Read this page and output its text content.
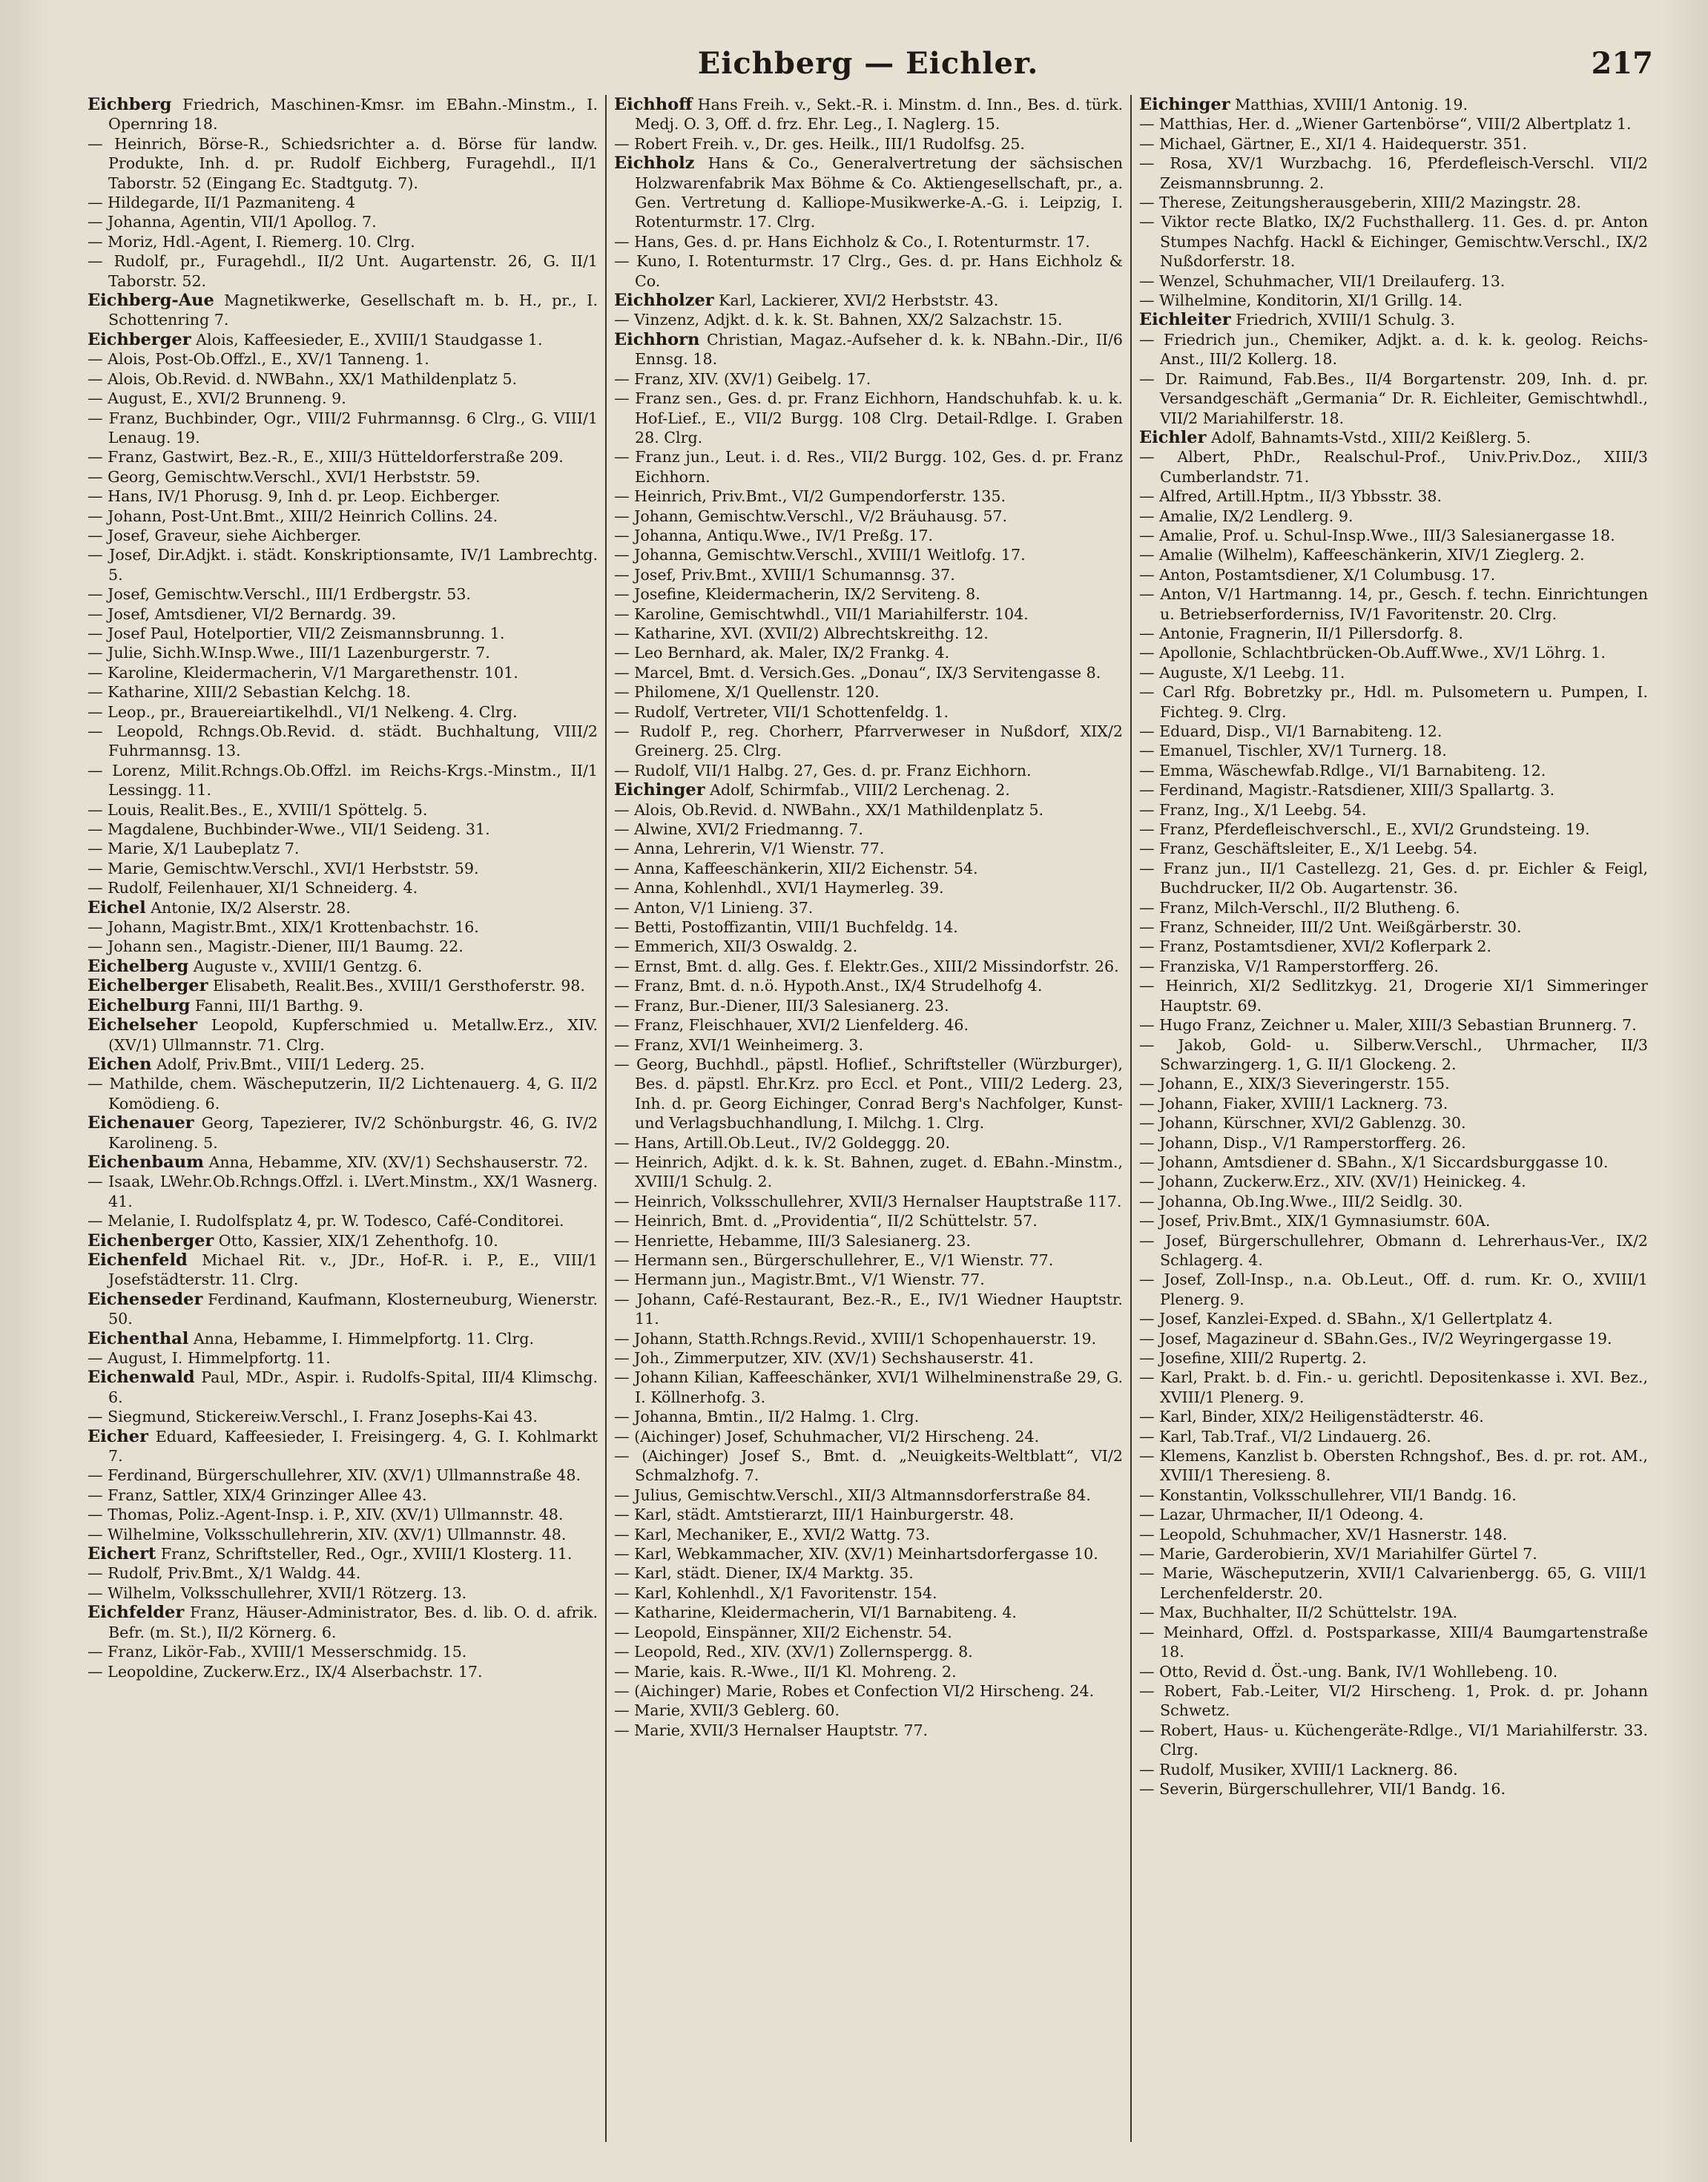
Eichberg — Eichler.	217
Eichberg Friedrich, Maschinen-Kmsr. im EBahn.-Minstm., I. Opernring 18.
— Heinrich, Börse-R., Schiedsrichter a. d. Börse für landw. Produkte, Inh. d. pr. Rudolf Eichberg, Furagehdl., II/1 Taborstr. 52 (Eingang Ec. Stadtgutg. 7).
— Hildegarde, II/1 Pazmaniteng. 4
— Johanna, Agentin, VII/1 Apollog. 7.
— Moriz, Hdl.-Agent, I. Riemerg. 10. Clrg.
— Rudolf, pr., Furagehdl., II/2 Unt. Augartenstr. 26, G. II/1 Taborstr. 52.
Eichberg-Aue Magnetikwerke, Gesellschaft m. b. H., pr., I. Schottenring 7.
Eichberger Alois, Kaffeesieder, E., XVIII/1 Staudgasse 1.
— Alois, Post-Ob.Offzl., E., XV/1 Tanneng. 1.
— Alois, Ob.Revid. d. NWBahn., XX/1 Mathildenplatz 5.
— August, E., XVI/2 Brunneng. 9.
— Franz, Buchbinder, Ogr., VIII/2 Fuhrmannsg. 6 Clrg., G. VIII/1 Lenaug. 19.
— Franz, Gastwirt, Bez.-R., E., XIII/3 Hütteldorferstraße 209.
— Georg, Gemischtw.Verschl., XVI/1 Herbststr. 59.
— Hans, IV/1 Phorusg. 9, Inh d. pr. Leop. Eichberger.
— Johann, Post-Unt.Bmt., XIII/2 Heinrich Collins. 24.
— Josef, Graveur, siehe Aichberger.
— Josef, Dir.Adjkt. i. städt. Konskriptionsamte, IV/1 Lambrechtg. 5.
— Josef, Gemischtw.Verschl., III/1 Erdbergstr. 53.
— Josef, Amtsdiener, VI/2 Bernardg. 39.
— Josef Paul, Hotelportier, VII/2 Zeismannsbrunng. 1.
— Julie, Sichh.W.Insp.Wwe., III/1 Lazenburgerstr. 7.
— Karoline, Kleidermacherin, V/1 Margarethenstr. 101.
— Katharine, XIII/2 Sebastian Kelchg. 18.
— Leop., pr., Brauereiartikelhdl., VI/1 Nelkeng. 4. Clrg.
— Leopold, Rchngs.Ob.Revid. d. städt. Buchhaltung, VIII/2 Fuhrmannsg. 13.
— Lorenz, Milit.Rchngs.Ob.Offzl. im Reichs-Krgs.-Minstm., II/1 Lessingg. 11.
— Louis, Realit.Bes., E., XVIII/1 Spöttelg. 5.
— Magdalene, Buchbinder-Wwe., VII/1 Seideng. 31.
— Marie, X/1 Laubeplatz 7.
— Marie, Gemischtw.Verschl., XVI/1 Herbststr. 59.
— Rudolf, Feilenhauer, XI/1 Schneiderg. 4.
Eichel Antonie, IX/2 Alserstr. 28.
— Johann, Magistr.Bmt., XIX/1 Krottenbachstr. 16.
— Johann sen., Magistr.-Diener, III/1 Baumg. 22.
Eichelberg Auguste v., XVIII/1 Gentzg. 6.
Eichelberger Elisabeth, Realit.Bes., XVIII/1 Gersthoferstr. 98.
Eichelburg Fanni, III/1 Barthg. 9.
Eichelseher Leopold, Kupferschmied u. Metallw.Erz., XIV. (XV/1) Ullmannstr. 71. Clrg.
Eichen Adolf, Priv.Bmt., VIII/1 Lederg. 25.
— Mathilde, chem. Wäscheputzerin, II/2 Lichtenauerg. 4, G. II/2 Komödieng. 6.
Eichenauer Georg, Tapezierer, IV/2 Schönburgstr. 46, G. IV/2 Karolineng. 5.
Eichenbaum Anna, Hebamme, XIV. (XV/1) Sechshauserstr. 72.
— Isaak, LWehr.Ob.Rchngs.Offzl. i. LVert.Minstm., XX/1 Wasnerg. 41.
— Melanie, I. Rudolfsplatz 4, pr. W. Todesco, Café-Conditorei.
Eichenberger Otto, Kassier, XIX/1 Zehenthofg. 10.
Eichenfeld Michael Rit. v., JDr., Hof-R. i. P., E., VIII/1 Josefstädterstr. 11. Clrg.
Eichenseder Ferdinand, Kaufmann, Klosterneuburg, Wienerstr. 50.
Eichenthal Anna, Hebamme, I. Himmelpfortg. 11. Clrg.
— August, I. Himmelpfortg. 11.
Eichenwald Paul, MDr., Aspir. i. Rudolfs-Spital, III/4 Klimschg. 6.
— Siegmund, Stickereiw.Verschl., I. Franz Josephs-Kai 43.
Eicher Eduard, Kaffeesieder, I. Freisingerg. 4, G. I. Kohlmarkt 7.
— Ferdinand, Bürgerschullehrer, XIV. (XV/1) Ullmannstraße 48.
— Franz, Sattler, XIX/4 Grinzinger Allee 43.
— Thomas, Poliz.-Agent-Insp. i. P., XIV. (XV/1) Ullmannstr. 48.
— Wilhelmine, Volksschullehrerin, XIV. (XV/1) Ullmannstr. 48.
Eichert Franz, Schriftsteller, Red., Ogr., XVIII/1 Klosterg. 11.
— Rudolf, Priv.Bmt., X/1 Waldg. 44.
— Wilhelm, Volksschullehrer, XVII/1 Rötzerg. 13.
Eichfelder Franz, Häuser-Administrator, Bes. d. lib. O. d. afrik. Befr. (m. St.), II/2 Körnerg. 6.
— Franz, Likör-Fab., XVIII/1 Messerschmidg. 15.
— Leopoldine, Zuckerw.Erz., IX/4 Alserbachstr. 17.
Eichhoff Hans Freih. v., Sekt.-R. i. Minstm. d. Inn., Bes. d. türk. Medj. O. 3, Off. d. frz. Ehr. Leg., I. Naglerg. 15.
— Robert Freih. v., Dr. ges. Heilk., III/1 Rudolfsg. 25.
Eichholz Hans & Co., Generalvertretung der sächsischen Holzwarenfabrik Max Böhme & Co. Aktiengesellschaft, pr., a. Gen. Vertretung d. Kalliope-Musikwerke-A.-G. i. Leipzig, I. Rotenturmstr. 17. Clrg.
— Hans, Ges. d. pr. Hans Eichholz & Co., I. Rotenturmstr. 17.
— Kuno, I. Rotenturmstr. 17 Clrg., Ges. d. pr. Hans Eichholz & Co.
Eichholzer Karl, Lackierer, XVI/2 Herbststr. 43.
— Vinzenz, Adjkt. d. k. k. St. Bahnen, XX/2 Salzachstr. 15.
Eichhorn Christian, Magaz.-Aufseher d. k. k. NBahn.-Dir., II/6 Ennsg. 18.
— Franz, XIV. (XV/1) Geibelg. 17.
— Franz sen., Ges. d. pr. Franz Eichhorn, Handschuhfab. k. u. k. Hof-Lief., E., VII/2 Burgg. 108 Clrg. Detail-Rdlge. I. Graben 28. Clrg.
— Franz jun., Leut. i. d. Res., VII/2 Burgg. 102, Ges. d. pr. Franz Eichhorn.
— Heinrich, Priv.Bmt., VI/2 Gumpendorferstr. 135.
— Johann, Gemischtw.Verschl., V/2 Bräuhausg. 57.
— Johanna, Antiqu.Wwe., IV/1 Preßg. 17.
— Johanna, Gemischtw.Verschl., XVIII/1 Weitlofg. 17.
— Josef, Priv.Bmt., XVIII/1 Schumannsg. 37.
— Josefine, Kleidermacherin, IX/2 Serviteng. 8.
— Karoline, Gemischtwhdl., VII/1 Mariahilferstr. 104.
— Katharine, XVI. (XVII/2) Albrechtskreithg. 12.
— Leo Bernhard, ak. Maler, IX/2 Frankg. 4.
— Marcel, Bmt. d. Versich.Ges. „Donau“, IX/3 Servitengasse 8.
— Philomene, X/1 Quellenstr. 120.
— Rudolf, Vertreter, VII/1 Schottenfeldg. 1.
— Rudolf P., reg. Chorherr, Pfarrverweser in Nußdorf, XIX/2 Greinerg. 25. Clrg.
— Rudolf, VII/1 Halbg. 27, Ges. d. pr. Franz Eichhorn.
Eichinger Adolf, Schirmfab., VIII/2 Lerchenag. 2.
— Alois, Ob.Revid. d. NWBahn., XX/1 Mathildenplatz 5.
— Alwine, XVI/2 Friedmanng. 7.
— Anna, Lehrerin, V/1 Wienstr. 77.
— Anna, Kaffeeschänkerin, XII/2 Eichenstr. 54.
— Anna, Kohlenhdl., XVI/1 Haymerleg. 39.
— Anton, V/1 Linieng. 37.
— Betti, Postoffizantin, VIII/1 Buchfeldg. 14.
— Emmerich, XII/3 Oswaldg. 2.
— Ernst, Bmt. d. allg. Ges. f. Elektr.Ges., XIII/2 Missindorfstr. 26.
— Franz, Bmt. d. n.ö. Hypoth.Anst., IX/4 Strudelhofg 4.
— Franz, Bur.-Diener, III/3 Salesianerg. 23.
— Franz, Fleischhauer, XVI/2 Lienfelderg. 46.
— Franz, XVI/1 Weinheimerg. 3.
— Georg, Buchhdl., päpstl. Hoflief., Schriftsteller (Würzburger), Bes. d. päpstl. Ehr.Krz. pro Eccl. et Pont., VIII/2 Lederg. 23, Inh. d. pr. Georg Eichinger, Conrad Berg's Nachfolger, Kunst- und Verlagsbuchhandlung, I. Milchg. 1. Clrg.
— Hans, Artill.Ob.Leut., IV/2 Goldeggg. 20.
— Heinrich, Adjkt. d. k. k. St. Bahnen, zuget. d. EBahn.-Minstm., XVIII/1 Schulg. 2.
— Heinrich, Volksschullehrer, XVII/3 Hernalser Hauptstraße 117.
— Heinrich, Bmt. d. „Providentia“, II/2 Schüttelstr. 57.
— Henriette, Hebamme, III/3 Salesianerg. 23.
— Hermann sen., Bürgerschullehrer, E., V/1 Wienstr. 77.
— Hermann jun., Magistr.Bmt., V/1 Wienstr. 77.
— Johann, Café-Restaurant, Bez.-R., E., IV/1 Wiedner Hauptstr. 11.
— Johann, Statth.Rchngs.Revid., XVIII/1 Schopenhauerstr. 19.
— Joh., Zimmerputzer, XIV. (XV/1) Sechshauserstr. 41.
— Johann Kilian, Kaffeeschänker, XVI/1 Wilhelminenstraße 29, G. I. Köllnerhofg. 3.
— Johanna, Bmtin., II/2 Halmg. 1. Clrg.
— (Aichinger) Josef, Schuhmacher, VI/2 Hirscheng. 24.
— (Aichinger) Josef S., Bmt. d. „Neuigkeits-Weltblatt“, VI/2 Schmalzhofg. 7.
— Julius, Gemischtw.Verschl., XII/3 Altmannsdorferstraße 84.
— Karl, städt. Amtstierarzt, III/1 Hainburgerstr. 48.
— Karl, Mechaniker, E., XVI/2 Wattg. 73.
— Karl, Webkammacher, XIV. (XV/1) Meinhartsdorfergasse 10.
— Karl, städt. Diener, IX/4 Marktg. 35.
— Karl, Kohlenhdl., X/1 Favoritenstr. 154.
— Katharine, Kleidermacherin, VI/1 Barnabiteng. 4.
— Leopold, Einspänner, XII/2 Eichenstr. 54.
— Leopold, Red., XIV. (XV/1) Zollernspergg. 8.
— Marie, kais. R.-Wwe., II/1 Kl. Mohreng. 2.
— (Aichinger) Marie, Robes et Confection VI/2 Hirscheng. 24.
— Marie, XVII/3 Geblerg. 60.
— Marie, XVII/3 Hernalser Hauptstr. 77.
Eichinger Matthias, XVIII/1 Antonig. 19.
— Matthias, Her. d. „Wiener Gartenbörse“, VIII/2 Albertplatz 1.
— Michael, Gärtner, E., XI/1 4. Haidequerstr. 351.
— Rosa, XV/1 Wurzbachg. 16, Pferdefleisch-Verschl. VII/2 Zeismannsbrunng. 2.
— Therese, Zeitungsherausgeberin, XIII/2 Mazingstr. 28.
— Viktor recte Blatko, IX/2 Fuchsthallerg. 11. Ges. d. pr. Anton Stumpes Nachfg. Hackl & Eichinger, Gemischtw.Verschl., IX/2 Nußdorferstr. 18.
— Wenzel, Schuhmacher, VII/1 Dreilauferg. 13.
— Wilhelmine, Konditorin, XI/1 Grillg. 14.
Eichleiter Friedrich, XVIII/1 Schulg. 3.
— Friedrich jun., Chemiker, Adjkt. a. d. k. k. geolog. Reichs-Anst., III/2 Kollerg. 18.
— Dr. Raimund, Fab.Bes., II/4 Borgartenstr. 209, Inh. d. pr. Versandgeschäft „Germania“ Dr. R. Eichleiter, Gemischtwhdl., VII/2 Mariahilferstr. 18.
Eichler Adolf, Bahnamts-Vstd., XIII/2 Keißlerg. 5.
— Albert, PhDr., Realschul-Prof., Univ.Priv.Doz., XIII/3 Cumberlandstr. 71.
— Alfred, Artill.Hptm., II/3 Ybbsstr. 38.
— Amalie, IX/2 Lendlerg. 9.
— Amalie, Prof. u. Schul-Insp.Wwe., III/3 Salesianergasse 18.
— Amalie (Wilhelm), Kaffeeschänkerin, XIV/1 Zieglerg. 2.
— Anton, Postamtsdiener, X/1 Columbusg. 17.
— Anton, V/1 Hartmanng. 14, pr., Gesch. f. techn. Einrichtungen u. Betriebserforderniss, IV/1 Favoritenstr. 20. Clrg.
— Antonie, Fragnerin, II/1 Pillersdorfg. 8.
— Apollonie, Schlachtbrücken-Ob.Auff.Wwe., XV/1 Löhrg. 1.
— Auguste, X/1 Leebg. 11.
— Carl Rfg. Bobretzky pr., Hdl. m. Pulsometern u. Pumpen, I. Fichteg. 9. Clrg.
— Eduard, Disp., VI/1 Barnabiteng. 12.
— Emanuel, Tischler, XV/1 Turnerg. 18.
— Emma, Wäschewfab.Rdlge., VI/1 Barnabiteng. 12.
— Ferdinand, Magistr.-Ratsdiener, XIII/3 Spallartg. 3.
— Franz, Ing., X/1 Leebg. 54.
— Franz, Pferdefleischverschl., E., XVI/2 Grundsteing. 19.
— Franz, Geschäftsleiter, E., X/1 Leebg. 54.
— Franz jun., II/1 Castellezg. 21, Ges. d. pr. Eichler & Feigl, Buchdrucker, II/2 Ob. Augartenstr. 36.
— Franz, Milch-Verschl., II/2 Blutheng. 6.
— Franz, Schneider, III/2 Unt. Weißgärberstr. 30.
— Franz, Postamtsdiener, XVI/2 Koflerpark 2.
— Franziska, V/1 Ramperstorfferg. 26.
— Heinrich, XI/2 Sedlitzkyg. 21, Drogerie XI/1 Simmeringer Hauptstr. 69.
— Hugo Franz, Zeichner u. Maler, XIII/3 Sebastian Brunnerg. 7.
— Jakob, Gold- u. Silberw.Verschl., Uhrmacher, II/3 Schwarzingerg. 1, G. II/1 Glockeng. 2.
— Johann, E., XIX/3 Sieveringerstr. 155.
— Johann, Fiaker, XVIII/1 Lacknerg. 73.
— Johann, Kürschner, XVI/2 Gablenzg. 30.
— Johann, Disp., V/1 Ramperstorfferg. 26.
— Johann, Amtsdiener d. SBahn., X/1 Siccardsburggasse 10.
— Johann, Zuckerw.Erz., XIV. (XV/1) Heinickeg. 4.
— Johanna, Ob.Ing.Wwe., III/2 Seidlg. 30.
— Josef, Priv.Bmt., XIX/1 Gymnasiumstr. 60A.
— Josef, Bürgerschullehrer, Obmann d. Lehrerhaus-Ver., IX/2 Schlagerg. 4.
— Josef, Zoll-Insp., n.a. Ob.Leut., Off. d. rum. Kr. O., XVIII/1 Plenerg. 9.
— Josef, Kanzlei-Exped. d. SBahn., X/1 Gellertplatz 4.
— Josef, Magazineur d. SBahn.Ges., IV/2 Weyringergasse 19.
— Josefine, XIII/2 Rupertg. 2.
— Karl, Prakt. b. d. Fin.- u. gerichtl. Depositenkasse i. XVI. Bez., XVIII/1 Plenerg. 9.
— Karl, Binder, XIX/2 Heiligenstädterstr. 46.
— Karl, Tab.Traf., VI/2 Lindauerg. 26.
— Klemens, Kanzlist b. Obersten Rchngshof., Bes. d. pr. rot. AM., XVIII/1 Theresieng. 8.
— Konstantin, Volksschullehrer, VII/1 Bandg. 16.
— Lazar, Uhrmacher, II/1 Odeong. 4.
— Leopold, Schuhmacher, XV/1 Hasnerstr. 148.
— Marie, Garderobierin, XV/1 Mariahilfer Gürtel 7.
— Marie, Wäscheputzerin, XVII/1 Calvarienbergg. 65, G. VIII/1 Lerchenfelderstr. 20.
— Max, Buchhalter, II/2 Schüttelstr. 19A.
— Meinhard, Offzl. d. Postsparkasse, XIII/4 Baumgartenstraße 18.
— Otto, Revid d. Öst.-ung. Bank, IV/1 Wohllebeng. 10.
— Robert, Fab.-Leiter, VI/2 Hirscheng. 1, Prok. d. pr. Johann Schwetz.
— Robert, Haus- u. Küchengeräte-Rdlge., VI/1 Mariahilferstr. 33. Clrg.
— Rudolf, Musiker, XVIII/1 Lacknerg. 86.
— Severin, Bürgerschullehrer, VII/1 Bandg. 16.
